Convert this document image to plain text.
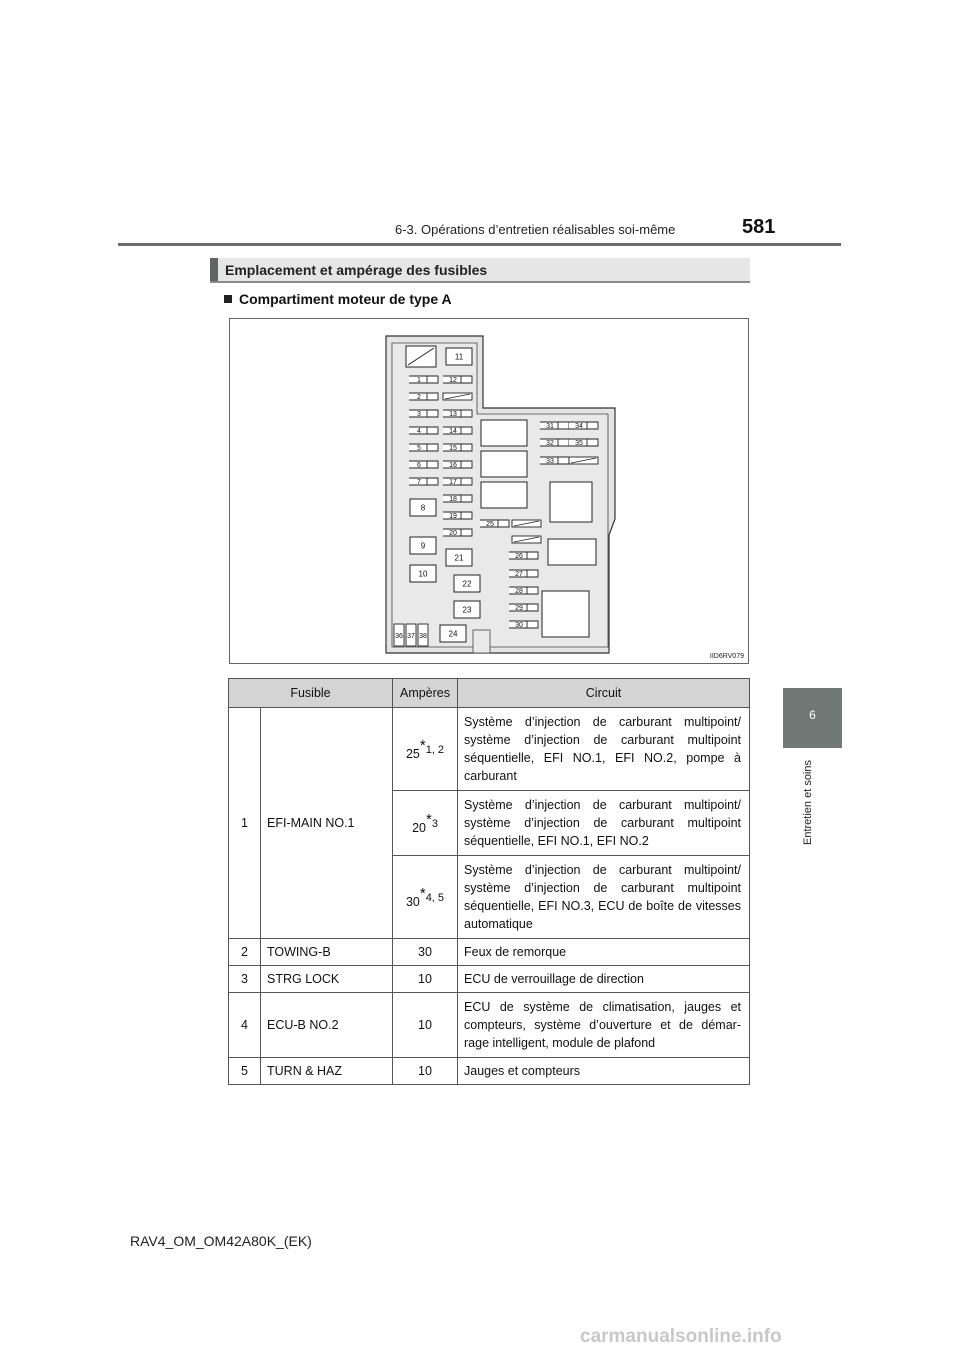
6-3. Opérations d’entretien réalisables soi-même	581
6
Entretien et soins
Emplacement et ampérage des fusibles
Compartiment moteur de type A
1
2
3
4
5
6
7
8
9
10
11
12
13
14
15
16
17
18
19
20
21
22
23
24
25
26
27
28
29
30
31
32
33
34
35
36 37 38
IID6RV079
Fusible		Ampères	Circuit
1	EFI-MAIN NO.1	25$^{*1, 2}$	Système d’injection de carburant multipoint/ système d’injection de carburant multipoint séquentielle, EFI NO.1, EFI NO.2, pompe à carburant
		20$^{*3}$	Système d’injection de carburant multipoint/ système d’injection de carburant multipoint séquentielle, EFI NO.1, EFI NO.2
		30$^{*4, 5}$	Système d’injection de carburant multipoint/ système d’injection de carburant multipoint séquentielle, EFI NO.3, ECU de boîte de vitesses automatique
2	TOWING-B	30	Feux de remorque
3	STRG LOCK	10	ECU de verrouillage de direction
4	ECU-B NO.2	10	ECU de système de climatisation, jauges et compteurs, système d’ouverture et de démar-rage intelligent, module de plafond
5	TURN & HAZ	10	Jauges et compteurs
RAV4_OM_OM42A80K_(EK)
carmanualsonline.info
